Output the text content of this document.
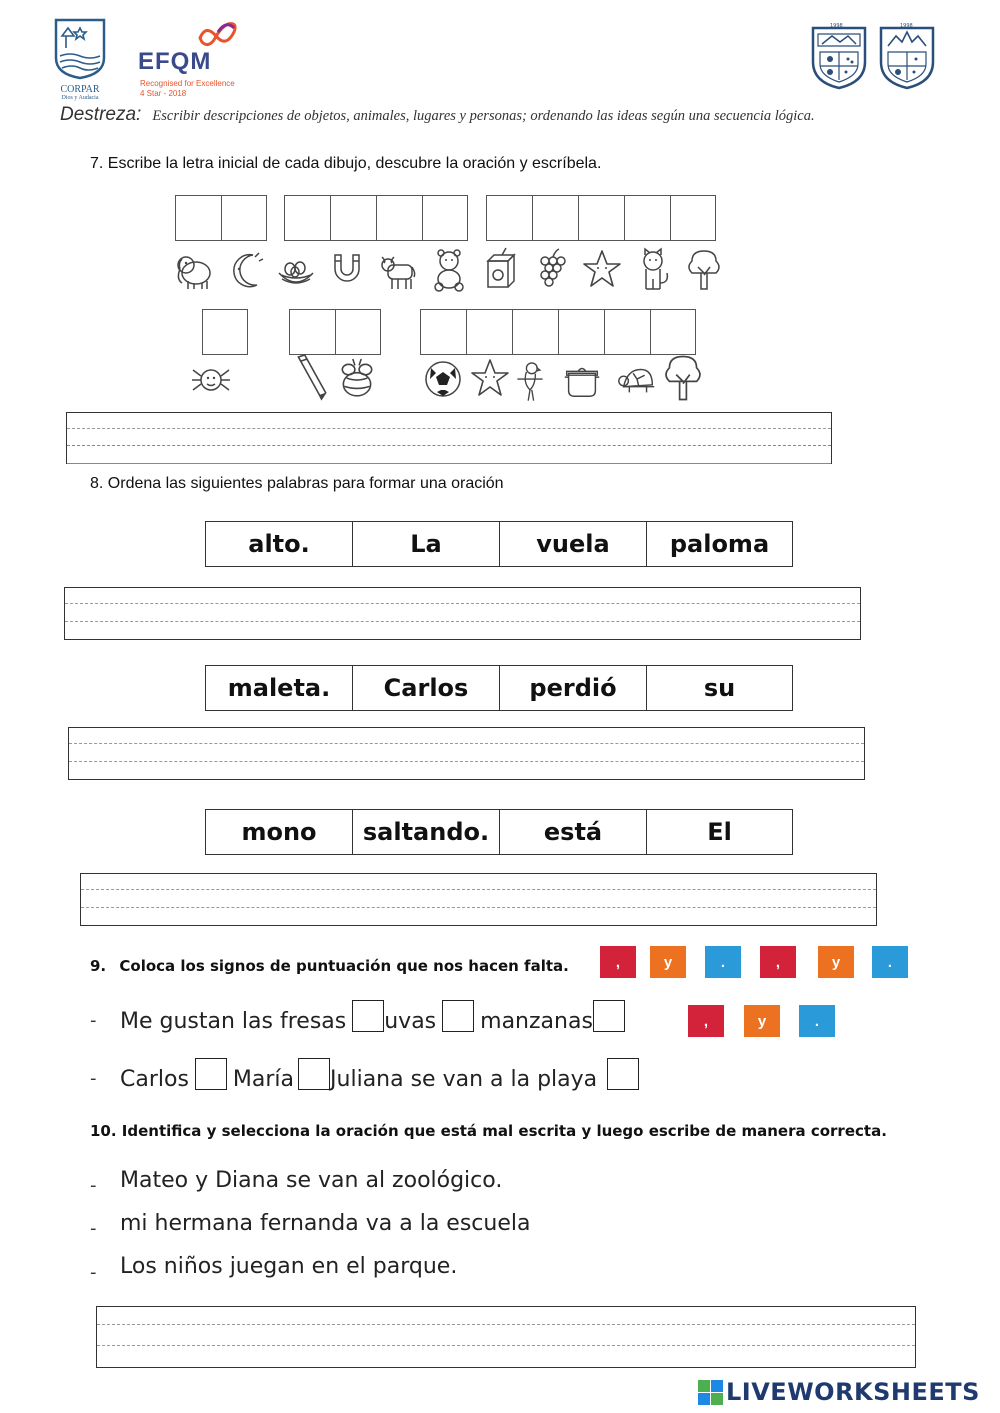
CORPAR
Dios y Audacia
EFQM
Recognised for Excellence
4 Star - 2018
1998	1998
Destreza: Escribir descripciones de objetos, animales, lugares y personas; ordenando las ideas según una secuencia lógica.
7. Escribe la letra inicial de cada dibujo, descubre la oración y escríbela.
8. Ordena las siguientes palabras para formar una oración
alto.	La	vuela	paloma
maleta.	Carlos	perdió	su
mono	saltando.	está	El
9. Coloca los signos de puntuación que nos hacen falta.	,	y	.	,	y	.
- Me gustan las fresas uvas manzanas	,	y	.
- Carlos María Juliana se van a la playa
10. Identifica y selecciona la oración que está mal escrita y luego escribe de manera correcta.
- Mateo y Diana se van al zoológico.
- mi hermana fernanda va a la escuela
- Los niños juegan en el parque.
LIVEWORKSHEETS
